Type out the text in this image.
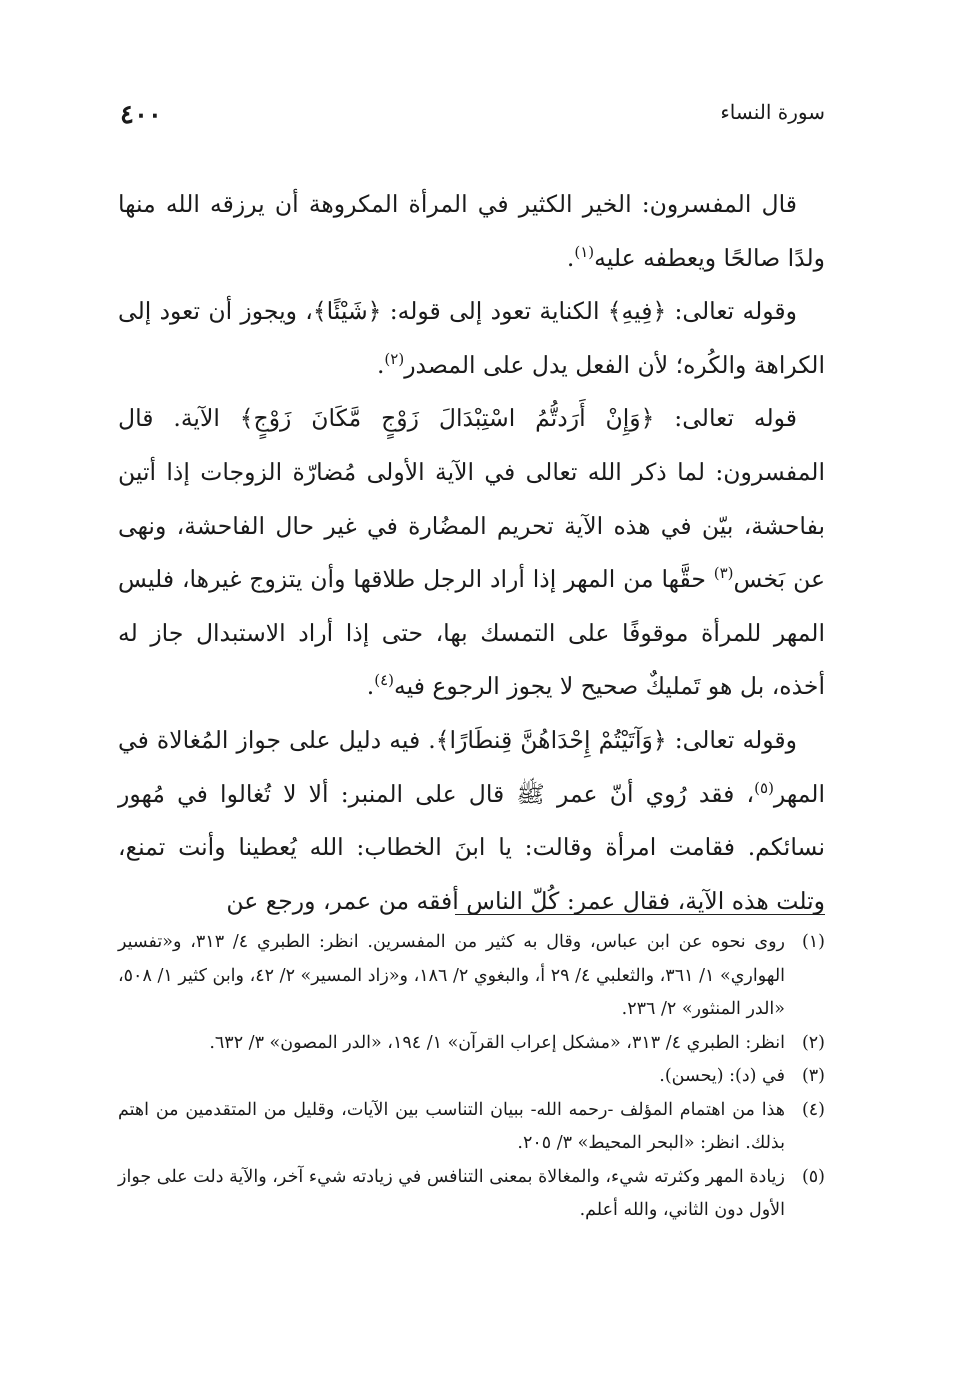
٤٠٠	سورة النساء

قال المفسرون: الخير الكثير في المرأة المكروهة أن يرزقه الله منها ولدًا صالحًا ويعطفه عليه$^{(١)}$.

وقوله تعالى: ﴿فِيهِ﴾ الكناية تعود إلى قوله: ﴿شَيْئًا﴾، ويجوز أن تعود إلى الكراهة والكُره؛ لأن الفعل يدل على المصدر$^{(٢)}$.

قوله تعالى: ﴿وَإِنْ أَرَدتُّمُ اسْتِبْدَالَ زَوْجٍ مَّكَانَ زَوْجٍ﴾ الآية. قال المفسرون: لما ذكر الله تعالى في الآية الأولى مُضارّة الزوجات إذا أتين بفاحشة، بيّن في هذه الآية تحريم المضُارة في غير حال الفاحشة، ونهى عن بَخس$^{(٣)}$ حقَّها من المهر إذا أراد الرجل طلاقها وأن يتزوج غيرها، فليس المهر للمرأة موقوفًا على التمسك بها، حتى إذا أراد الاستبدال جاز له أخذه، بل هو تَمليكٌ صحيح لا يجوز الرجوع فيه$^{(٤)}$.

وقوله تعالى: ﴿وَآتَيْتُمْ إِحْدَاهُنَّ قِنطَارًا﴾. فيه دليل على جواز المُغالاة في المهر$^{(٥)}$، فقد رُوي أنّ عمر ﷺ قال على المنبر: ألا لا تُغالوا في مُهور نسائكم. فقامت امرأة وقالت: يا ابنَ الخطاب: الله يُعطينا وأنت تمنع، وتلت هذه الآية، فقال عمر: كُلّ الناس أفقه من عمر، ورجع عن

(١)
روى نحوه عن ابن عباس، وقال به كثير من المفسرين. انظر: الطبري ٤/ ٣١٣، و«تفسير الهواري» ١/ ٣٦١، والثعلبي ٤/ ٢٩ أ، والبغوي ٢/ ١٨٦، و«زاد المسير» ٢/ ٤٢، وابن كثير ١/ ٥٠٨، «الدر المنثور» ٢/ ٢٣٦.
(٢)
انظر: الطبري ٤/ ٣١٣، «مشكل إعراب القرآن» ١/ ١٩٤، «الدر المصون» ٣/ ٦٣٢.
(٣)
في (د): (يحسن).
(٤)
هذا من اهتمام المؤلف -رحمه الله- ببيان التناسب بين الآيات، وقليل من المتقدمين من اهتم بذلك. انظر: «البحر المحيط» ٣/ ٢٠٥.
(٥)
زيادة المهر وكثرته شيء، والمغالاة بمعنى التنافس في زيادته شيء آخر، والآية دلت على جواز الأول دون الثاني، والله أعلم.
